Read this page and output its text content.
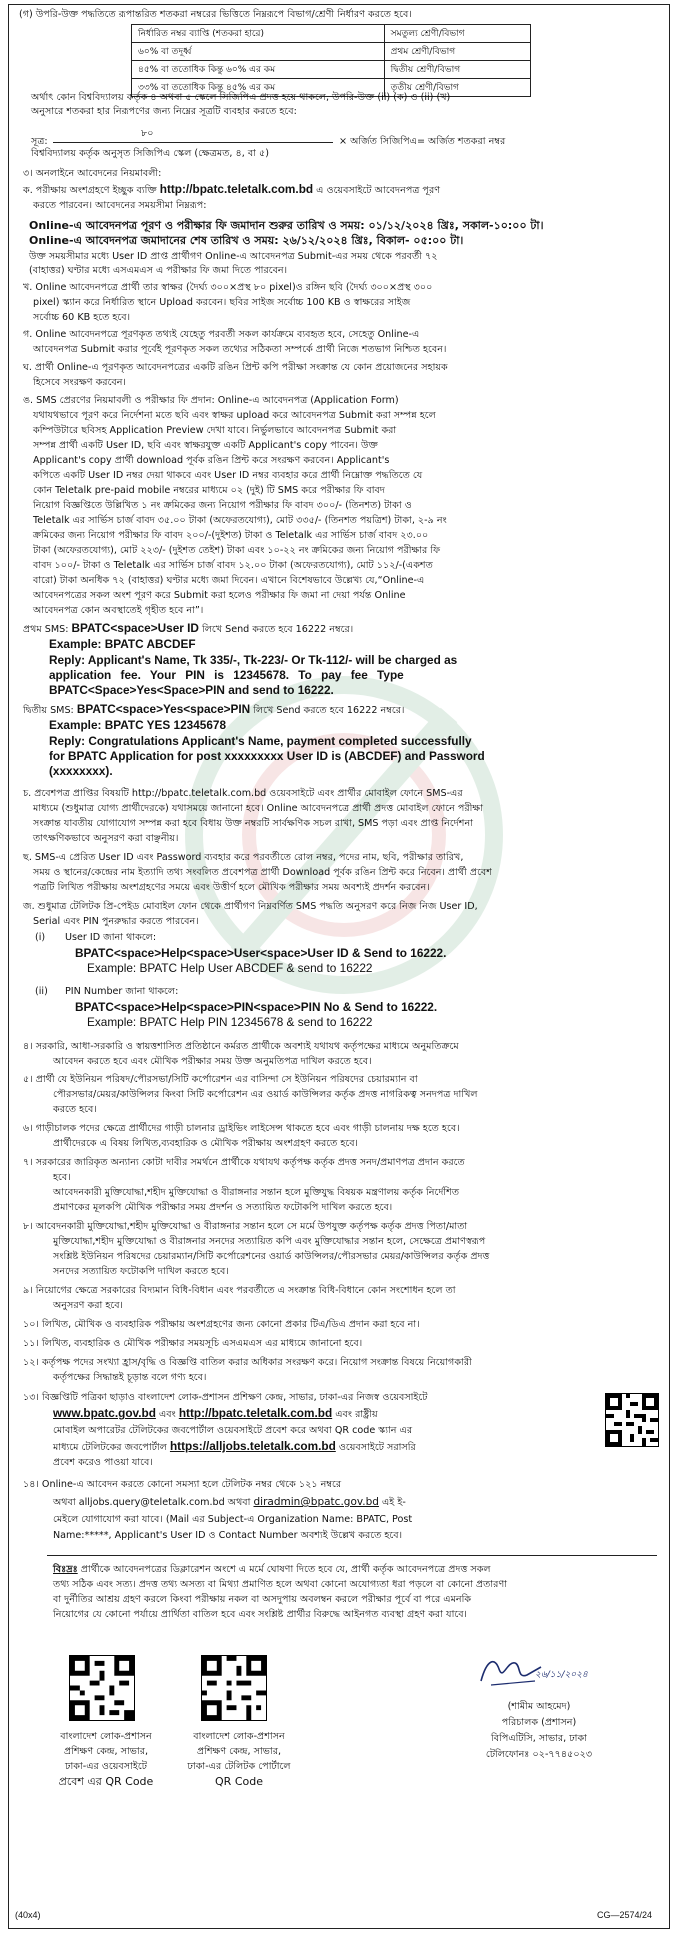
(গ) উপরি-উক্ত পদ্ধতিতে রূপান্তরিত শতকরা নম্বরের ভিত্তিতে নিম্নরূপে বিভাগ/শ্রেণী নির্ধারণ করতে হবে।
নির্ধারিত নম্বর ব্যাপ্তি (শতকরা হারে)	সমতুল্য শ্রেণী/বিভাগ
৬০% বা তদূর্ধ্ব	প্রথম শ্রেণী/বিভাগ
৪৫% বা ততোধিক কিন্তু ৬০% এর কম	দ্বিতীয় শ্রেণী/বিভাগ
৩৩% বা ততোধিক কিন্তু ৪৫% এর কম	তৃতীয় শ্রেণী/বিভাগ
অর্থাৎ কোন বিশ্ববিদ্যালয় কর্তৃক ৪ অথবা ৫ স্কেলে সিজিপিএ প্রদত্ত হয়ে থাকলে, উপরি-উক্ত (ii) (ক) ও (ii) (খ)
অনুসারে শতকরা হার নিরূপণের জন্য নিম্নের সূত্রটি ব্যবহার করতে হবে:
সূত্র:
৮০
× অর্জিত সিজিপিএ= অর্জিত শতকরা নম্বর
বিশ্ববিদ্যালয় কর্তৃক অনুসৃত সিজিপিএ স্কেল (ক্ষেত্রমত, ৪, বা ৫)
৩। অনলাইনে আবেদনের নিয়মাবলী:
ক. পরীক্ষায় অংশগ্রহণে ইচ্ছুক ব্যক্তি http://bpatc.teletalk.com.bd এ ওয়েবসাইটে আবেদনপত্র পূরণ
করতে পারবেন। আবেদনের সময়সীমা নিম্নরূপ:
Online-এ আবেদনপত্র পূরণ ও পরীক্ষার ফি জমাদান শুরুর তারিখ ও সময়: ০১/১২/২০২৪ খ্রিঃ, সকাল-১০:০০ টা।
Online-এ আবেদনপত্র জমাদানের শেষ তারিখ ও সময়: ২৬/১২/২০২৪ খ্রিঃ, বিকাল- ০৫:০০ টা।
উক্ত সময়সীমার মধ্যে User ID প্রাপ্ত প্রার্থীগণ Online-এ আবেদনপত্র Submit-এর সময় থেকে পরবর্তী ৭২
(বাহাত্তর) ঘণ্টার মধ্যে এসএমএস এ পরীক্ষার ফি জমা দিতে পারবেন।
খ. Online আবেদনপত্রে প্রার্থী তার স্বাক্ষর (দৈর্ঘ্য ৩০০×প্রস্থ ৮০ pixel)ও রঙ্গিন ছবি (দৈর্ঘ্য ৩০০×প্রস্থ ৩০০
pixel) স্ক্যান করে নির্ধারিত স্থানে Upload করবেন। ছবির সাইজ সর্বোচ্চ 100 KB ও স্বাক্ষরের সাইজ
সর্বোচ্চ 60 KB হতে হবে।
গ. Online আবেদনপত্রে পূরণকৃত তথ্যই যেহেতু পরবর্তী সকল কার্যক্রমে ব্যবহৃত হবে, সেহেতু Online-এ
আবেদনপত্র Submit করার পূর্বেই পূরণকৃত সকল তথ্যের সঠিকতা সম্পর্কে প্রার্থী নিজে শতভাগ নিশ্চিত হবেন।
ঘ. প্রার্থী Online-এ পূরণকৃত আবেদনপত্রের একটি রঙিন প্রিন্ট কপি পরীক্ষা সংক্রান্ত যে কোন প্রয়োজনের সহায়ক
হিসেবে সংরক্ষণ করবেন।
ঙ. SMS প্রেরণের নিয়মাবলী ও পরীক্ষার ফি প্রদান: Online-এ আবেদনপত্র (Application Form)
যথাযথভাবে পূরণ করে নির্দেশনা মতে ছবি এবং স্বাক্ষর upload করে আবেদনপত্র Submit করা সম্পন্ন হলে
কম্পিউটারে ছবিসহ Application Preview দেখা যাবে। নির্ভুলভাবে আবেদনপত্র Submit করা
সম্পন্ন প্রার্থী একটি User ID, ছবি এবং স্বাক্ষরযুক্ত একটি Applicant's copy পাবেন। উক্ত
Applicant's copy প্রার্থী download পূর্বক রঙিন প্রিন্ট করে সংরক্ষণ করবেন। Applicant's
কপিতে একটি User ID নম্বর দেয়া থাকবে এবং User ID নম্বর ব্যবহার করে প্রার্থী নিম্নোক্ত পদ্ধতিতে যে
কোন Teletalk pre-paid mobile নম্বরের মাধ্যমে ০২ (দুই) টি SMS করে পরীক্ষার ফি বাবদ
নিয়োগ বিজ্ঞপ্তিতে উল্লিখিত ১ নং ক্রমিকের জন্য নিয়োগ পরীক্ষার ফি বাবদ ৩০০/- (তিনশত) টাকা ও
Teletalk এর সার্ভিস চার্জ বাবদ ৩৫.০০ টাকা (অফেরতযোগ্য), মোট ৩৩৫/- (তিনশত পয়ত্রিশ) টাকা, ২-৯ নং
ক্রমিকের জন্য নিয়োগ পরীক্ষার ফি বাবদ ২০০/-(দুইশত) টাকা ও Teletalk এর সার্ভিস চার্জ বাবদ ২৩.০০
টাকা (অফেরতযোগ্য), মোট ২২৩/- (দুইশত তেইশ) টাকা এবং ১০-২২ নং ক্রমিকের জন্য নিয়োগ পরীক্ষার ফি
বাবদ ১০০/- টাকা ও Teletalk এর সার্ভিস চার্জ বাবদ ১২.০০ টাকা (অফেরতযোগ্য), মোট ১১২/-(একশত
বারো) টাকা অনধিক ৭২ (বাহাত্তর) ঘণ্টার মধ্যে জমা দিবেন। এখানে বিশেষভাবে উল্লেখ্য যে,“Online-এ
আবেদনপত্রের সকল অংশ পূরণ করে Submit করা হলেও পরীক্ষার ফি জমা না দেয়া পর্যন্ত Online
আবেদনপত্র কোন অবস্থাতেই গৃহীত হবে না”।
প্রথম SMS: BPATC<space>User ID লিখে Send করতে হবে 16222 নম্বরে।
Example: BPATC ABCDEF
Reply: Applicant's Name, Tk 335/-, Tk-223/- Or Tk-112/- will be charged as
application fee. Your PIN is 12345678. To pay fee Type
BPATC<Space>Yes<Space>PIN and send to 16222.
দ্বিতীয় SMS: BPATC<space>Yes<space>PIN লিখে Send করতে হবে 16222 নম্বরে।
Example: BPATC YES 12345678
Reply: Congratulations Applicant's Name, payment completed successfully
for BPATC Application for post xxxxxxxxx User ID is (ABCDEF) and Password
(xxxxxxxx).
চ. প্রবেশপত্র প্রাপ্তির বিষয়টি http://bpatc.teletalk.com.bd ওয়েবসাইটে এবং প্রার্থীর মোবাইল ফোনে SMS-এর
মাধ্যমে (শুধুমাত্র যোগ্য প্রার্থীদেরকে) যথাসময়ে জানানো হবে। Online আবেদনপত্রে প্রার্থী প্রদত্ত মোবাইল ফোনে পরীক্ষা
সংক্রান্ত যাবতীয় যোগাযোগ সম্পন্ন করা হবে বিধায় উক্ত নম্বরটি সার্বক্ষণিক সচল রাখা, SMS পড়া এবং প্রাপ্ত নির্দেশনা
তাৎক্ষণিকভাবে অনুসরণ করা বাঞ্ছনীয়।
ছ. SMS-এ প্রেরিত User ID এবং Password ব্যবহার করে পরবর্তীতে রোল নম্বর, পদের নাম, ছবি, পরীক্ষার তারিখ,
সময় ও স্থানের/কেন্দ্রের নাম ইত্যাদি তথ্য সংবলিত প্রবেশপত্র প্রার্থী Download পূর্বক রঙিন প্রিন্ট করে নিবেন। প্রার্থী প্রবেশ
পত্রটি লিখিত পরীক্ষায় অংশগ্রহণের সময়ে এবং উত্তীর্ণ হলে মৌখিক পরীক্ষার সময় অবশ্যই প্রদর্শন করবেন।
জ. শুধুমাত্র টেলিটক প্রি-পেইড মোবাইল ফোন থেকে প্রার্থীগণ নিম্নবর্ণিত SMS পদ্ধতি অনুসরণ করে নিজ নিজ User ID,
Serial এবং PIN পুনরুদ্ধার করতে পারবেন।
(i) User ID জানা থাকলে:
BPATC<space>Help<space>User<space>User ID & Send to 16222.
Example: BPATC Help User ABCDEF & send to 16222
(ii) PIN Number জানা থাকলে:
BPATC<space>Help<space>PIN<space>PIN No & Send to 16222.
Example: BPATC Help PIN 12345678 & send to 16222
৪। সরকারি, আধা-সরকারি ও স্বায়ত্তশাসিত প্রতিষ্ঠানে কর্মরত প্রার্থীকে অবশ্যই যথাযথ কর্তৃপক্ষের মাধ্যমে অনুমতিক্রমে
আবেদন করতে হবে এবং মৌখিক পরীক্ষার সময় উক্ত অনুমতিপত্র দাখিল করতে হবে।
৫। প্রার্থী যে ইউনিয়ন পরিষদ/পৌরসভা/সিটি কর্পোরেশন এর বাসিন্দা সে ইউনিয়ন পরিষদের চেয়ারম্যান বা
পৌরসভার/মেয়র/কাউন্সিলর কিংবা সিটি কর্পোরেশন এর ওয়ার্ড কাউন্সিলর কর্তৃক প্রদত্ত নাগরিকত্ব সনদপত্র দাখিল
করতে হবে।
৬। গাড়ীচালক পদের ক্ষেত্রে প্রার্থীদের গাড়ী চালনার ড্রাইভিং লাইসেন্স থাকতে হবে এবং গাড়ী চালনায় দক্ষ হতে হবে।
প্রার্থীদেরকে এ বিষয় লিখিত,ব্যবহারিক ও মৌখিক পরীক্ষায় অংশগ্রহণ করতে হবে।
৭। সরকারের জারিকৃত অন্যান্য কোটা দাবীর সমর্থনে প্রার্থীকে যথাযথ কর্তৃপক্ষ কর্তৃক প্রদত্ত সনদ/প্রমাণপত্র প্রদান করতে
হবে।
আবেদনকারী মুক্তিযোদ্ধা,শহীদ মুক্তিযোদ্ধা ও বীরাঙ্গনার সন্তান হলে মুক্তিযুদ্ধ বিষয়ক মন্ত্রণালয় কর্তৃক নির্দেশিত
প্রমাণকের মূলকপি মৌখিক পরীক্ষার সময় প্রদর্শন ও সত্যায়িত ফটোকপি দাখিল করতে হবে।
৮। আবেদনকারী মুক্তিযোদ্ধা,শহীদ মুক্তিযোদ্ধা ও বীরাঙ্গনার সন্তান হলে সে মর্মে উপযুক্ত কর্তৃপক্ষ কর্তৃক প্রদত্ত পিতা/মাতা
মুক্তিযোদ্ধা,শহীদ মুক্তিযোদ্ধা ও বীরাঙ্গনার সনদের সত্যায়িত কপি এবং মুক্তিযোদ্ধার সন্তান হলে, সেক্ষেত্রে প্রমাণস্বরূপ
সংশ্লিষ্ট ইউনিয়ন পরিষদের চেয়ারম্যান/সিটি কর্পোরেশনের ওয়ার্ড কাউন্সিলর/পৌরসভার মেয়র/কাউন্সিলর কর্তৃক প্রদত্ত
সনদের সত্যায়িত ফটোকপি দাখিল করতে হবে।
৯। নিয়োগের ক্ষেত্রে সরকারের বিদ্যমান বিধি-বিধান এবং পরবর্তীতে এ সংক্রান্ত বিধি-বিধানে কোন সংশোধন হলে তা
অনুসরণ করা হবে।
১০। লিখিত, মৌখিক ও ব্যবহারিক পরীক্ষায় অংশগ্রহণের জন্য কোনো প্রকার টিএ/ডিএ প্রদান করা হবে না।
১১। লিখিত, ব্যবহারিক ও মৌখিক পরীক্ষার সময়সূচি এসএমএস এর মাধ্যমে জানানো হবে।
১২। কর্তৃপক্ষ পদের সংখ্যা হ্রাস/বৃদ্ধি ও বিজ্ঞপ্তি বাতিল করার অধিকার সংরক্ষণ করে। নিয়োগ সংক্রান্ত বিষয়ে নিয়োগকারী
কর্তৃপক্ষের সিদ্ধান্তই চূড়ান্ত বলে গণ্য হবে।
১৩। বিজ্ঞপ্তিটি পত্রিকা ছাড়াও বাংলাদেশ লোক-প্রশাসন প্রশিক্ষণ কেন্দ্র, সাভার, ঢাকা-এর নিজস্ব ওয়েবসাইটে
www.bpatc.gov.bd এবং http://bpatc.teletalk.com.bd এবং রাষ্ট্রীয়
মোবাইল অপারেটর টেলিটকের জবপোর্টাল ওয়েবসাইটে প্রবেশ করে অথবা QR code স্ক্যান এর
মাধ্যমে টেলিটকের জবপোর্টাল https://alljobs.teletalk.com.bd ওয়েবসাইটে সরাসরি
প্রবেশ করেও পাওয়া যাবে।
১৪। Online-এ আবেদন করতে কোনো সমস্যা হলে টেলিটক নম্বর থেকে ১২১ নম্বরে
অথবা alljobs.query@teletalk.com.bd অথবা diradmin@bpatc.gov.bd এই ই-
মেইলে যোগাযোগ করা যাবে। (Mail এর Subject-এ Organization Name: BPATC, Post
Name:*****, Applicant's User ID ও Contact Number অবশ্যই উল্লেখ করতে হবে।
বিঃদ্রঃ প্রার্থীকে আবেদনপত্রের ডিক্লারেশন অংশে এ মর্মে ঘোষণা দিতে হবে যে, প্রার্থী কর্তৃক আবেদনপত্রে প্রদত্ত সকল
তথ্য সঠিক এবং সত্য। প্রদত্ত তথ্য অসত্য বা মিথ্যা প্রমাণিত হলে অথবা কোনো অযোগ্যতা ধরা পড়লে বা কোনো প্রতারণা
বা দুর্নীতির আশ্রয় গ্রহণ করলে কিংবা পরীক্ষায় নকল বা অসদুপায় অবলম্বন করলে পরীক্ষার পূর্বে বা পরে এমনকি
নিয়োগের যে কোনো পর্যায়ে প্রার্থিতা বাতিল হবে এবং সংশ্লিষ্ট প্রার্থীর বিরুদ্ধে আইনগত ব্যবস্থা গ্রহণ করা যাবে।
বাংলাদেশ লোক-প্রশাসন
প্রশিক্ষণ কেন্দ্র, সাভার,
ঢাকা-এর ওয়েবসাইটে
প্রবেশ এর QR Code
বাংলাদেশ লোক-প্রশাসন
প্রশিক্ষণ কেন্দ্র, সাভার,
ঢাকা-এর টেলিটক পোর্টালে
QR Code
২৬/১১/২০২৪
(শামীম আহমেদ)
পরিচালক (প্রশাসন)
বিপিএটিসি, সাভার, ঢাকা
টেলিফোনঃ ০২-৭৭৪৫০২৩
(40x4)	CG—2574/24
